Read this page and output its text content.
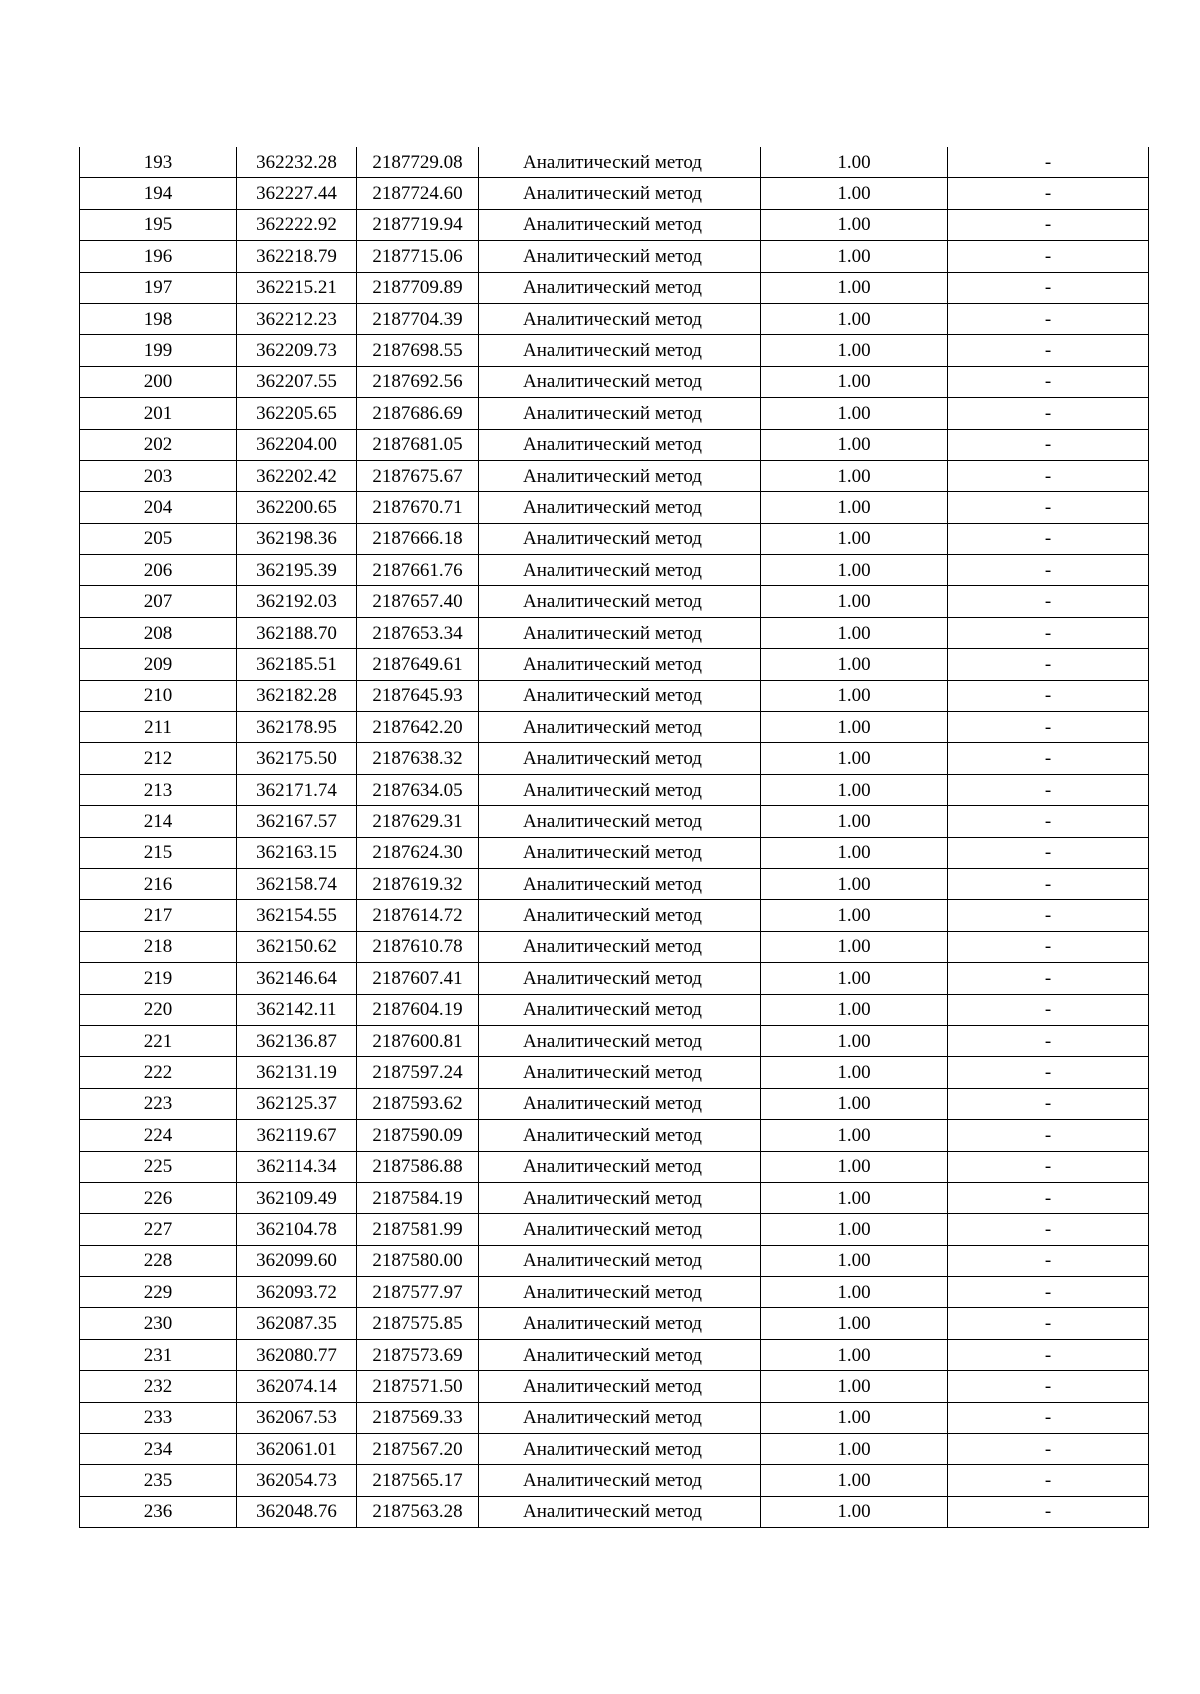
193	362232.28	2187729.08	Аналитический метод	1.00	-
194	362227.44	2187724.60	Аналитический метод	1.00	-
195	362222.92	2187719.94	Аналитический метод	1.00	-
196	362218.79	2187715.06	Аналитический метод	1.00	-
197	362215.21	2187709.89	Аналитический метод	1.00	-
198	362212.23	2187704.39	Аналитический метод	1.00	-
199	362209.73	2187698.55	Аналитический метод	1.00	-
200	362207.55	2187692.56	Аналитический метод	1.00	-
201	362205.65	2187686.69	Аналитический метод	1.00	-
202	362204.00	2187681.05	Аналитический метод	1.00	-
203	362202.42	2187675.67	Аналитический метод	1.00	-
204	362200.65	2187670.71	Аналитический метод	1.00	-
205	362198.36	2187666.18	Аналитический метод	1.00	-
206	362195.39	2187661.76	Аналитический метод	1.00	-
207	362192.03	2187657.40	Аналитический метод	1.00	-
208	362188.70	2187653.34	Аналитический метод	1.00	-
209	362185.51	2187649.61	Аналитический метод	1.00	-
210	362182.28	2187645.93	Аналитический метод	1.00	-
211	362178.95	2187642.20	Аналитический метод	1.00	-
212	362175.50	2187638.32	Аналитический метод	1.00	-
213	362171.74	2187634.05	Аналитический метод	1.00	-
214	362167.57	2187629.31	Аналитический метод	1.00	-
215	362163.15	2187624.30	Аналитический метод	1.00	-
216	362158.74	2187619.32	Аналитический метод	1.00	-
217	362154.55	2187614.72	Аналитический метод	1.00	-
218	362150.62	2187610.78	Аналитический метод	1.00	-
219	362146.64	2187607.41	Аналитический метод	1.00	-
220	362142.11	2187604.19	Аналитический метод	1.00	-
221	362136.87	2187600.81	Аналитический метод	1.00	-
222	362131.19	2187597.24	Аналитический метод	1.00	-
223	362125.37	2187593.62	Аналитический метод	1.00	-
224	362119.67	2187590.09	Аналитический метод	1.00	-
225	362114.34	2187586.88	Аналитический метод	1.00	-
226	362109.49	2187584.19	Аналитический метод	1.00	-
227	362104.78	2187581.99	Аналитический метод	1.00	-
228	362099.60	2187580.00	Аналитический метод	1.00	-
229	362093.72	2187577.97	Аналитический метод	1.00	-
230	362087.35	2187575.85	Аналитический метод	1.00	-
231	362080.77	2187573.69	Аналитический метод	1.00	-
232	362074.14	2187571.50	Аналитический метод	1.00	-
233	362067.53	2187569.33	Аналитический метод	1.00	-
234	362061.01	2187567.20	Аналитический метод	1.00	-
235	362054.73	2187565.17	Аналитический метод	1.00	-
236	362048.76	2187563.28	Аналитический метод	1.00	-
